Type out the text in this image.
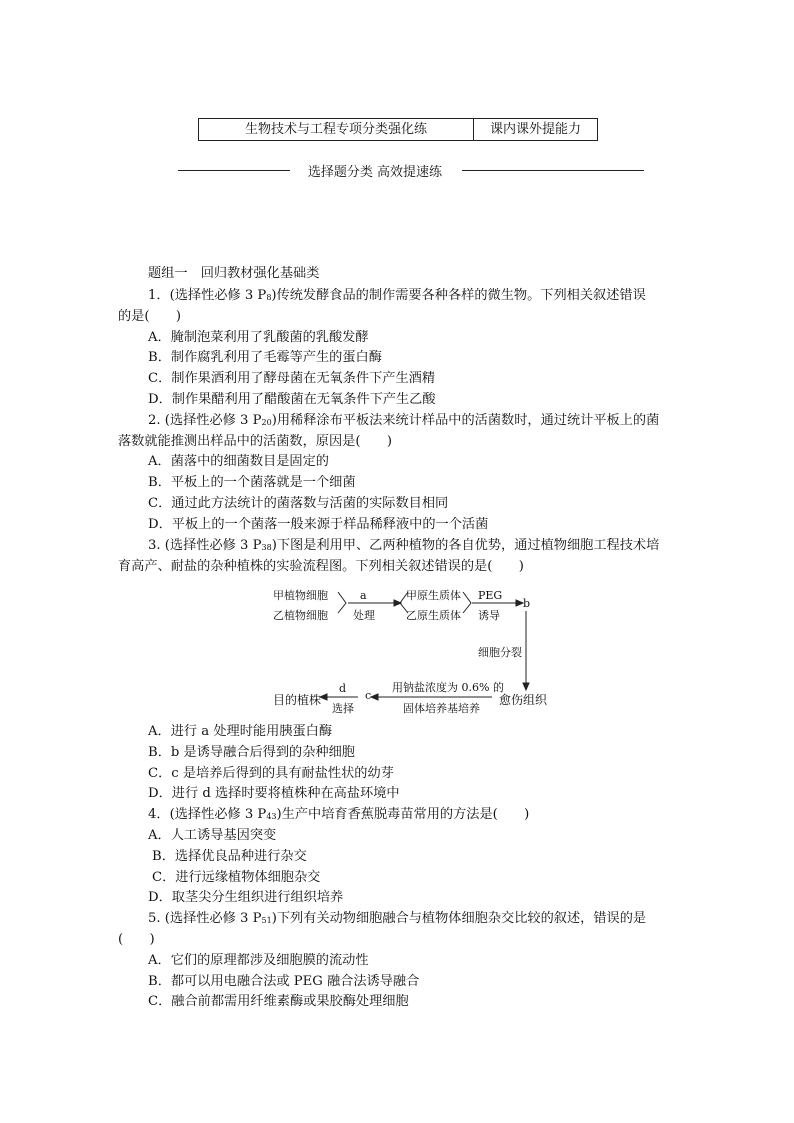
生物技术与工程专项分类强化练	课内课外提能力
选择题分类 高效提速练
题组一　回归教材强化基础类
1．(选择性必修 3 $P_8$)传统发酵食品的制作需要各种各样的微生物。下列相关叙述错误
的是(　　)
A．腌制泡菜利用了乳酸菌的乳酸发酵
B．制作腐乳利用了毛霉等产生的蛋白酶
C．制作果酒利用了酵母菌在无氧条件下产生酒精
D．制作果醋利用了醋酸菌在无氧条件下产生乙酸
2. (选择性必修 3 $P_{20}$)用稀释涂布平板法来统计样品中的活菌数时，通过统计平板上的菌
落数就能推测出样品中的活菌数，原因是(　　)
A．菌落中的细菌数目是固定的
B．平板上的一个菌落就是一个细菌
C．通过此方法统计的菌落数与活菌的实际数目相同
D．平板上的一个菌落一般来源于样品稀释液中的一个活菌
3. (选择性必修 3 $P_{38}$)下图是利用甲、乙两种植物的各自优势，通过植物细胞工程技术培
育高产、耐盐的杂种植株的实验流程图。下列相关叙述错误的是(　　)
甲植物细胞
乙植物细胞
a
处理
甲原生质体
乙原生质体
PEG
诱导
b
细胞分裂
愈伤组织
用钠盐浓度为 0.6% 的
固体培养基培养
c
d
选择
目的植株
A．进行 a 处理时能用胰蛋白酶
B．b 是诱导融合后得到的杂种细胞
C．c 是培养后得到的具有耐盐性状的幼芽
D．进行 d 选择时要将植株种在高盐环境中
4．(选择性必修 3 $P_{43}$)生产中培育香蕉脱毒苗常用的方法是(　　)
A．人工诱导基因突变
B．选择优良品种进行杂交
C．进行远缘植物体细胞杂交
D．取茎尖分生组织进行组织培养
5. (选择性必修 3 $P_{51}$)下列有关动物细胞融合与植物体细胞杂交比较的叙述，错误的是
(　　)
A．它们的原理都涉及细胞膜的流动性
B．都可以用电融合法或 PEG 融合法诱导融合
C．融合前都需用纤维素酶或果胶酶处理细胞
